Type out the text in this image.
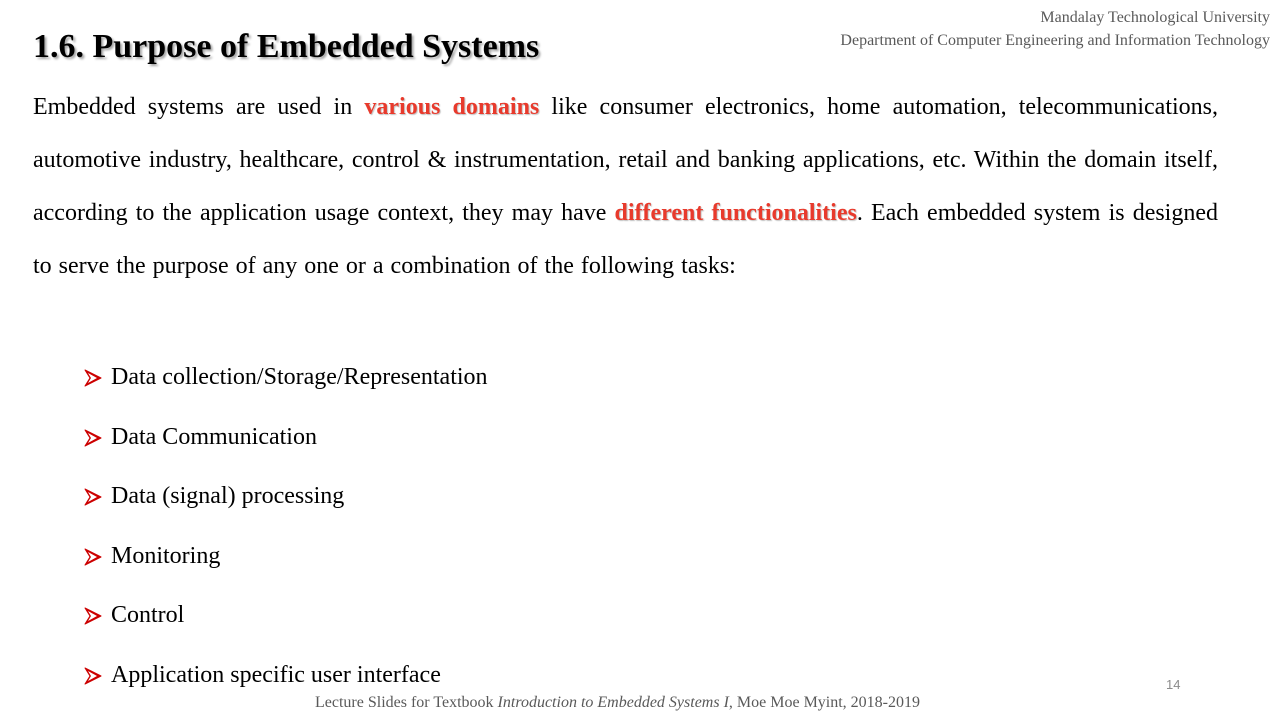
Mandalay Technological University
Department of Computer Engineering and Information Technology
1.6. Purpose of Embedded Systems

Embedded systems are used in various domains like consumer electronics, home automation, telecommunications, automotive industry, healthcare, control & instrumentation, retail and banking applications, etc. Within the domain itself, according to the application usage context, they may have different functionalities. Each embedded system is designed to serve the purpose of any one or a combination of the following tasks:

Data collection/Storage/Representation
Data Communication
Data (signal) processing
Monitoring
Control
Application specific user interface	14
Lecture Slides for Textbook Introduction to Embedded Systems I, Moe Moe Myint, 2018-2019
